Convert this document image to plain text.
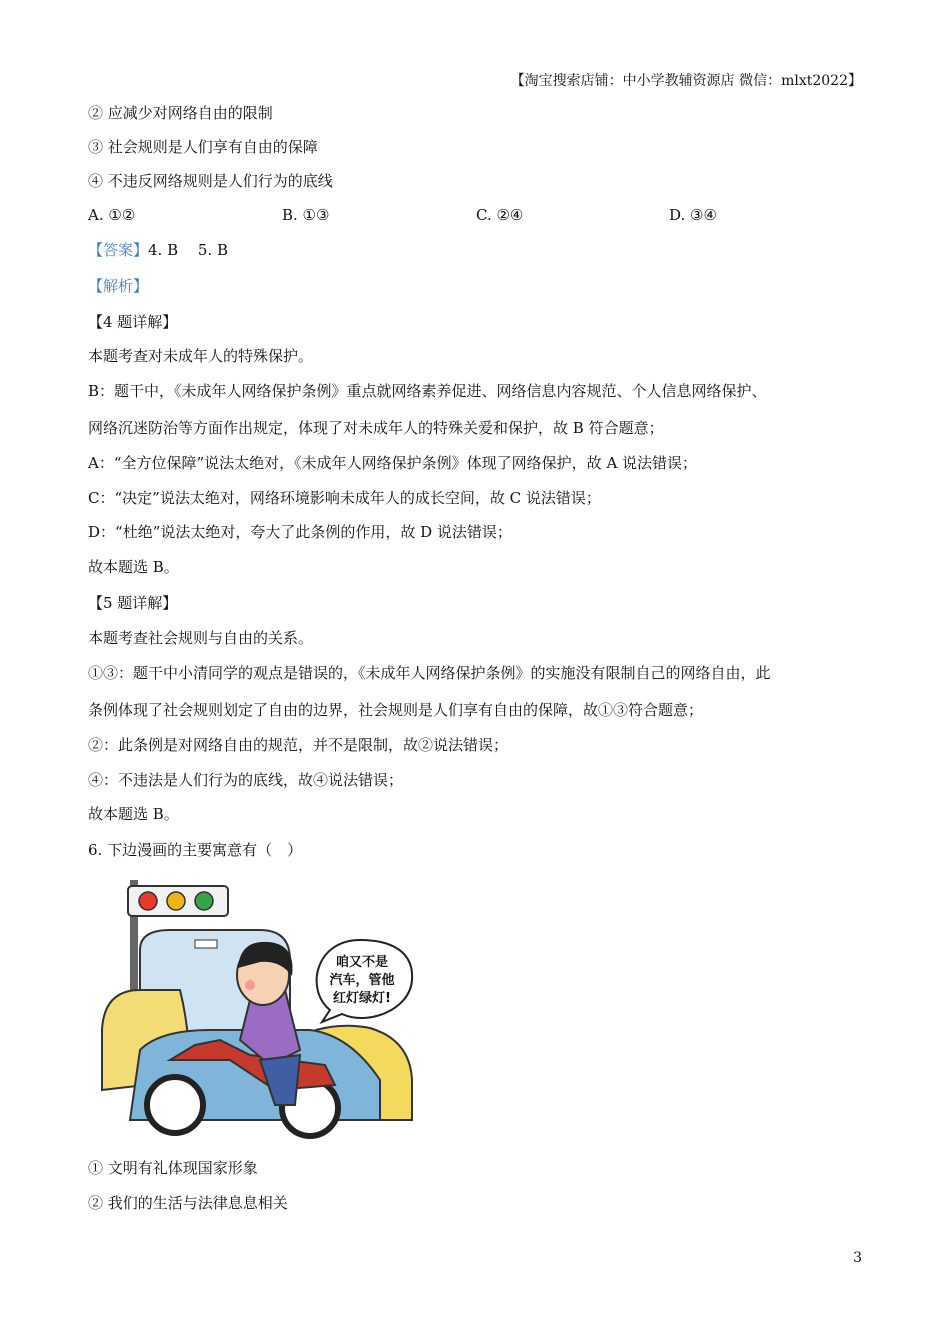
【淘宝搜索店铺：中小学教辅资源店 微信：mlxt2022】
② 应减少对网络自由的限制
③ 社会规则是人们享有自由的保障
④ 不违反网络规则是人们行为的底线
A. ①②	B. ①③	C. ②④	D. ③④
【答案】4. B　 5. B
【解析】
【4 题详解】
本题考查对未成年人的特殊保护。
B：题干中，《未成年人网络保护条例》重点就网络素养促进、网络信息内容规范、个人信息网络保护、
网络沉迷防治等方面作出规定，体现了对未成年人的特殊关爱和保护，故 B 符合题意；
A：“全方位保障”说法太绝对，《未成年人网络保护条例》体现了网络保护，故 A 说法错误；
C：“决定”说法太绝对，网络环境影响未成年人的成长空间，故 C 说法错误；
D：“杜绝”说法太绝对，夸大了此条例的作用，故 D 说法错误；
故本题选 B。
【5 题详解】
本题考查社会规则与自由的关系。
①③：题干中小清同学的观点是错误的，《未成年人网络保护条例》的实施没有限制自己的网络自由，此
条例体现了社会规则划定了自由的边界，社会规则是人们享有自由的保障，故①③符合题意；
②：此条例是对网络自由的规范，并不是限制，故②说法错误；
④：不违法是人们行为的底线，故④说法错误；
故本题选 B。
6. 下边漫画的主要寓意有（　）
咱又不是
汽车，管他
红灯绿灯!
① 文明有礼体现国家形象
② 我们的生活与法律息息相关
3
